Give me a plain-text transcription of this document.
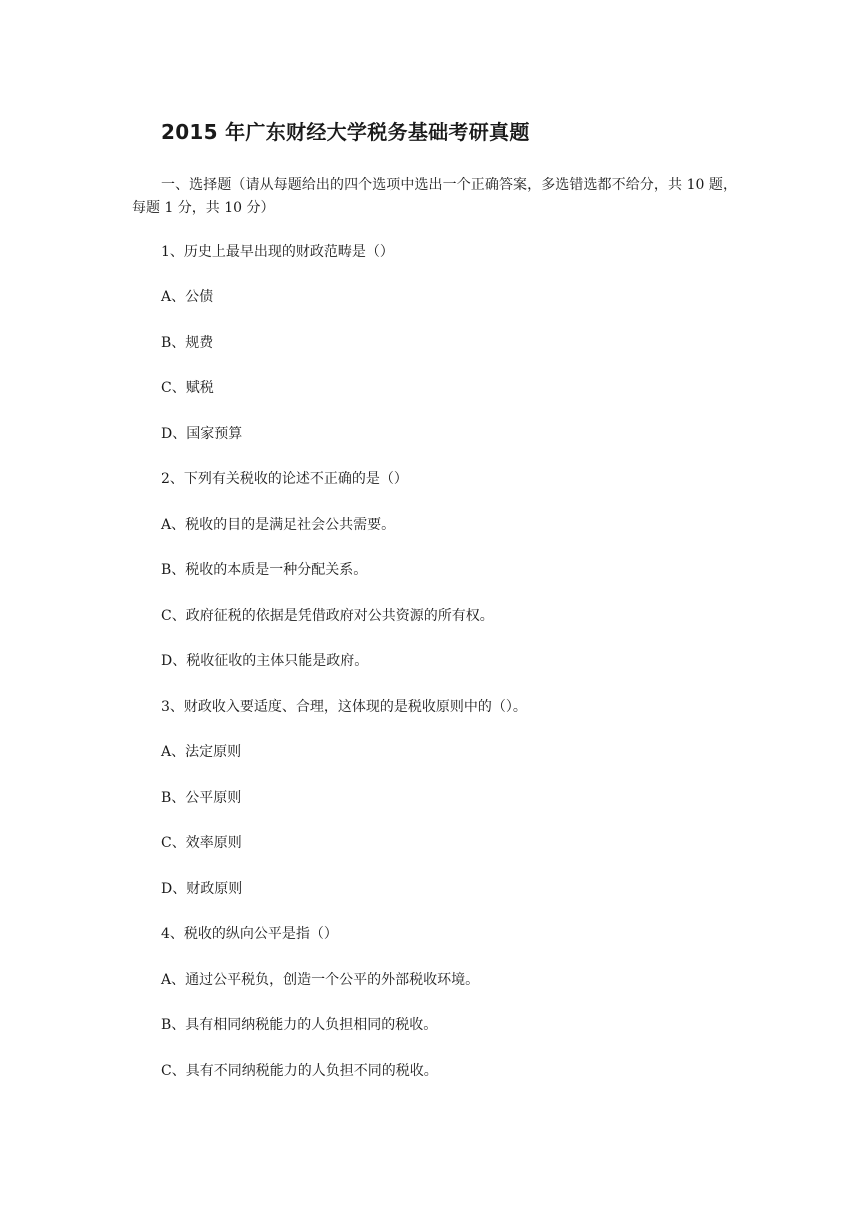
2015 年广东财经大学税务基础考研真题
一、选择题（请从每题给出的四个选项中选出一个正确答案，多选错选都不给分，共 10 题，每题 1 分，共 10 分）
1、历史上最早出现的财政范畴是（）
A、公债
B、规费
C、赋税
D、国家预算
2、下列有关税收的论述不正确的是（）
A、税收的目的是满足社会公共需要。
B、税收的本质是一种分配关系。
C、政府征税的依据是凭借政府对公共资源的所有权。
D、税收征收的主体只能是政府。
3、财政收入要适度、合理，这体现的是税收原则中的（）。
A、法定原则
B、公平原则
C、效率原则
D、财政原则
4、税收的纵向公平是指（）
A、通过公平税负，创造一个公平的外部税收环境。
B、具有相同纳税能力的人负担相同的税收。
C、具有不同纳税能力的人负担不同的税收。
